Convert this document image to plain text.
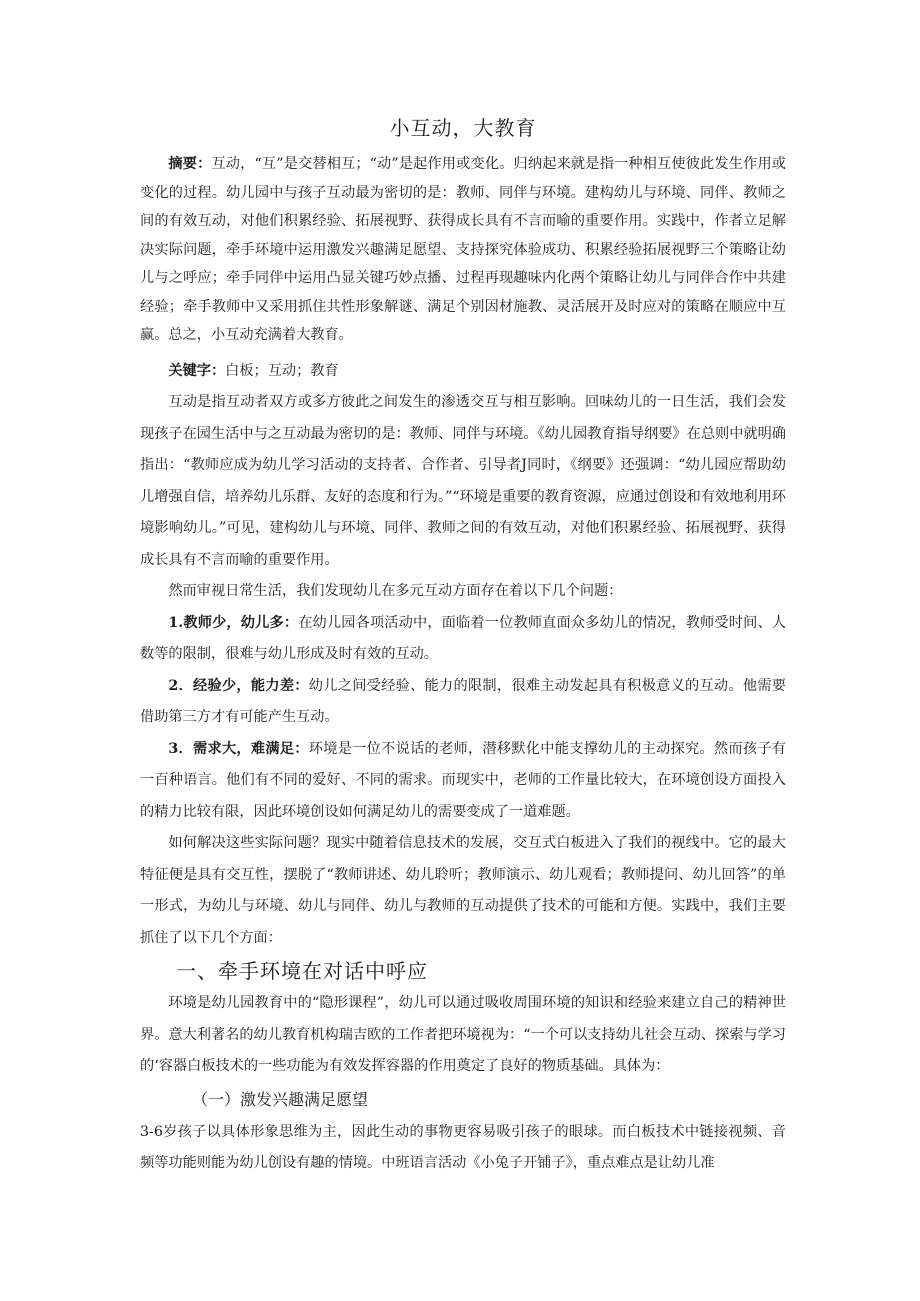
小互动，大教育

摘要：互动，“互”是交替相互；“动”是起作用或变化。归纳起来就是指一种相互使彼此发生作用或变化的过程。幼儿园中与孩子互动最为密切的是：教师、同伴与环境。建构幼儿与环境、同伴、教师之间的有效互动，对他们积累经验、拓展视野、获得成长具有不言而喻的重要作用。实践中，作者立足解决实际问题，牵手环境中运用激发兴趣满足愿望、支持探究体验成功、积累经验拓展视野三个策略让幼儿与之呼应；牵手同伴中运用凸显关键巧妙点播、过程再现趣味内化两个策略让幼儿与同伴合作中共建经验；牵手教师中又采用抓住共性形象解谜、满足个别因材施教、灵活展开及时应对的策略在顺应中互赢。总之，小互动充满着大教育。

关键字：白板；互动；教育

互动是指互动者双方或多方彼此之间发生的渗透交互与相互影响。回味幼儿的一日生活，我们会发现孩子在园生活中与之互动最为密切的是：教师、同伴与环境。《幼儿园教育指导纲要》在总则中就明确指出：“教师应成为幼儿学习活动的支持者、合作者、引导者J同时，《纲要》还强调：“幼儿园应帮助幼儿增强自信，培养幼儿乐群、友好的态度和行为。”“环境是重要的教育资源，应通过创设和有效地利用环境影响幼儿。”可见，建构幼儿与环境、同伴、教师之间的有效互动，对他们积累经验、拓展视野、获得成长具有不言而喻的重要作用。

然而审视日常生活，我们发现幼儿在多元互动方面存在着以下几个问题：

1.教师少，幼儿多：在幼儿园各项活动中，面临着一位教师直面众多幼儿的情况，教师受时间、人数等的限制，很难与幼儿形成及时有效的互动。

2．经验少，能力差：幼儿之间受经验、能力的限制，很难主动发起具有积极意义的互动。他需要借助第三方才有可能产生互动。

3．需求大，难满足：环境是一位不说话的老师，潜移默化中能支撑幼儿的主动探究。然而孩子有一百种语言。他们有不同的爱好、不同的需求。而现实中，老师的工作量比较大，在环境创设方面投入的精力比较有限，因此环境创设如何满足幼儿的需要变成了一道难题。

如何解决这些实际问题？现实中随着信息技术的发展，交互式白板进入了我们的视线中。它的最大特征便是具有交互性，摆脱了“教师讲述、幼儿聆听；教师演示、幼儿观看；教师提问、幼儿回答”的单一形式，为幼儿与环境、幼儿与同伴、幼儿与教师的互动提供了技术的可能和方便。实践中，我们主要抓住了以下几个方面：

一、牵手环境在对话中呼应

环境是幼儿园教育中的“隐形课程”，幼儿可以通过吸收周围环境的知识和经验来建立自己的精神世界。意大利著名的幼儿教育机构瑞吉欧的工作者把环境视为：“一个可以支持幼儿社会互动、探索与学习的‘容器白板技术的一些功能为有效发挥容器的作用奠定了良好的物质基础。具体为：

（一）激发兴趣满足愿望

3-6岁孩子以具体形象思维为主，因此生动的事物更容易吸引孩子的眼球。而白板技术中链接视频、音频等功能则能为幼儿创设有趣的情境。中班语言活动《小兔子开铺子》，重点难点是让幼儿准
